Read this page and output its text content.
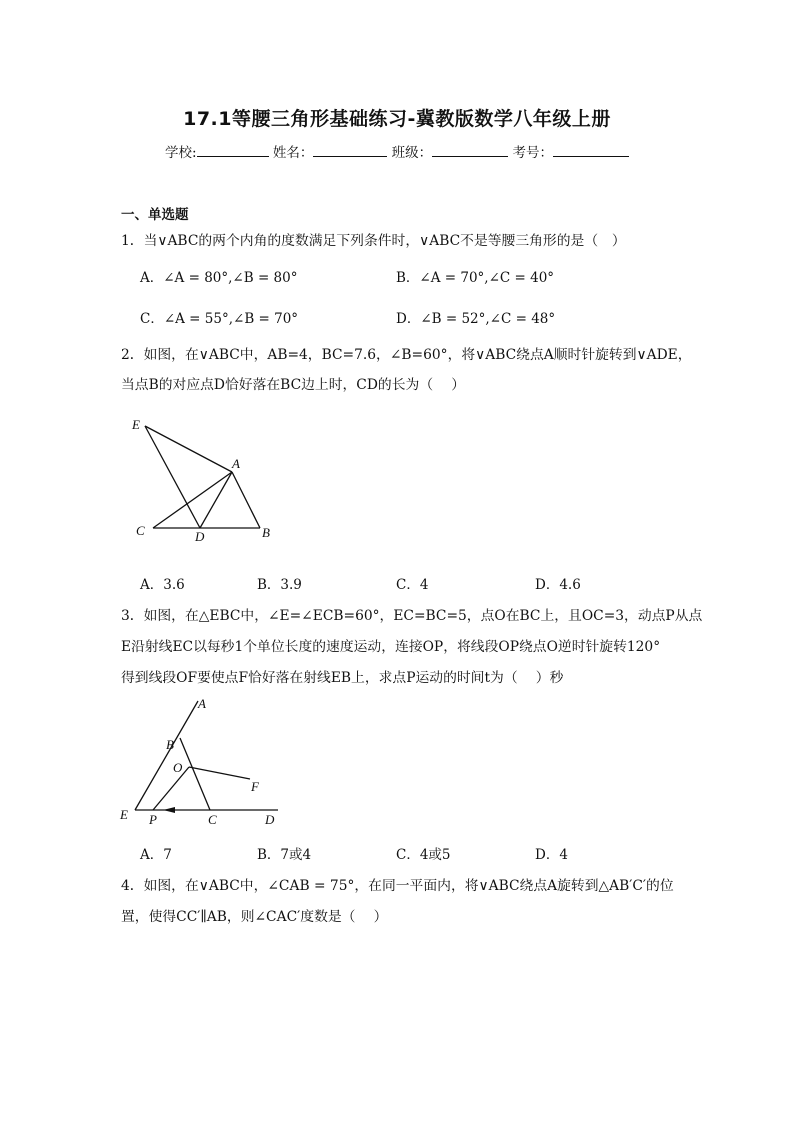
17.1等腰三角形基础练习-冀教版数学八年级上册
学校:	姓名：	班级：	考号：
一、单选题
1．当∨ABC的两个内角的度数满足下列条件时，∨ABC不是等腰三角形的是（　）
A．∠A = 80°,∠B = 80°	B．∠A = 70°,∠C = 40°
C．∠A = 55°,∠B = 70°	D．∠B = 52°,∠C = 48°
2．如图，在∨ABC中，AB=4，BC=7.6，∠B=60°，将∨ABC绕点A顺时针旋转到∨ADE，
当点B的对应点D恰好落在BC边上时，CD的长为（　 ）
E
A
C	D	B
A．3.6	B．3.9	C．4	D．4.6
3．如图，在△EBC中，∠E=∠ECB=60°，EC=BC=5，点O在BC上，且OC=3，动点P从点
E沿射线EC以每秒1个单位长度的速度运动，连接OP，将线段OP绕点O逆时针旋转120°
得到线段OF要使点F恰好落在射线EB上，求点P运动的时间t为（　 ）秒
A
B
O
F
E P	C	D
A．7	B．7或4	C．4或5	D．4
4．如图，在∨ABC中，∠CAB = 75°，在同一平面内，将∨ABC绕点A旋转到△AB′C′的位
置，使得CC′∥AB，则∠CAC′度数是（　 ）
